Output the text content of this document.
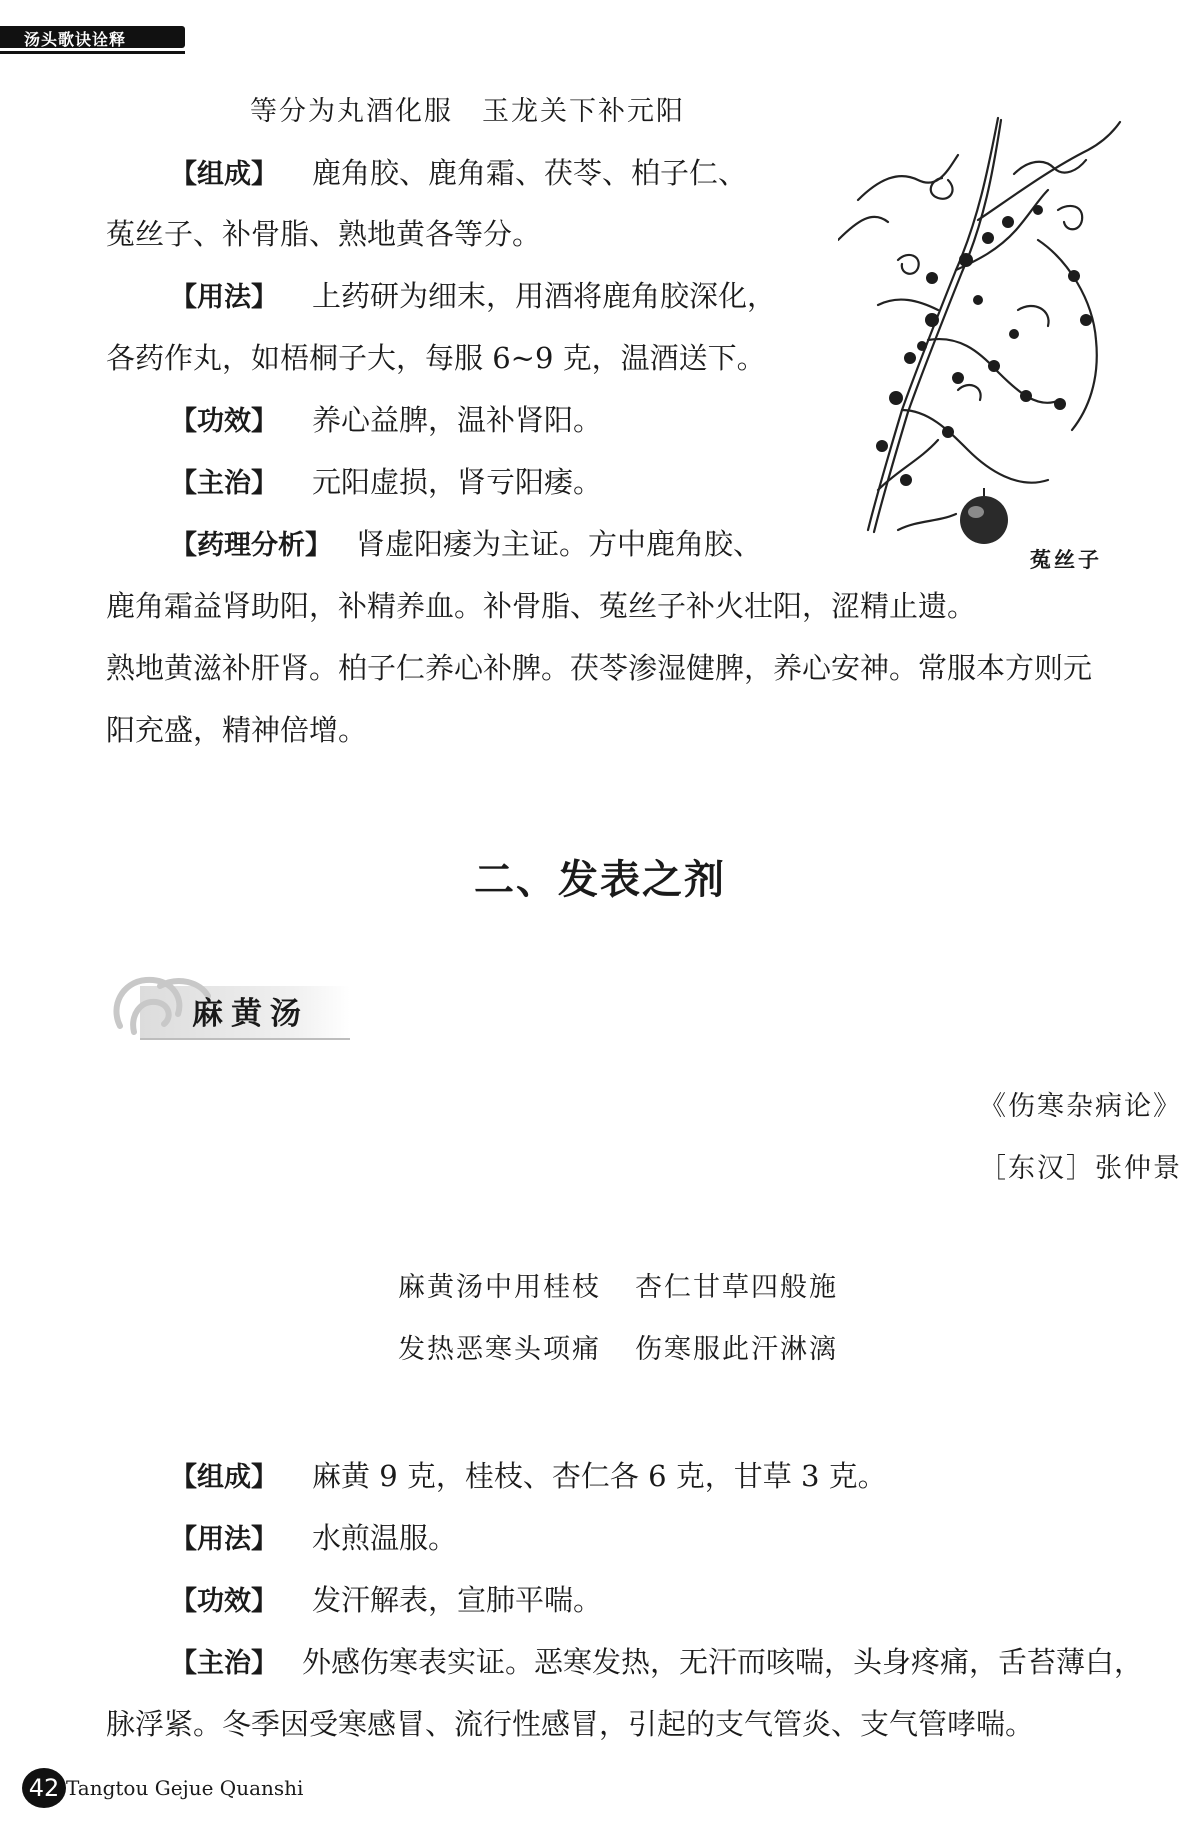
汤头歌诀诠释
等分为丸酒化服　玉龙关下补元阳
【组成】 鹿角胶、鹿角霜、茯苓、柏子仁、
菟丝子、补骨脂、熟地黄各等分。
【用法】 上药研为细末，用酒将鹿角胶深化，
各药作丸，如梧桐子大，每服 6~9 克，温酒送下。
【功效】 养心益脾，温补肾阳。
【主治】 元阳虚损，肾亏阳痿。
【药理分析】 肾虚阳痿为主证。方中鹿角胶、
鹿角霜益肾助阳，补精养血。补骨脂、菟丝子补火壮阳，涩精止遗。
熟地黄滋补肝肾。柏子仁养心补脾。茯苓渗湿健脾，养心安神。常服本方则元
阳充盛，精神倍增。
菟丝子
二、发表之剂
麻黄汤
《伤寒杂病论》
［东汉］张仲景
麻黄汤中用桂枝 杏仁甘草四般施
发热恶寒头项痛 伤寒服此汗淋漓
【组成】 麻黄 9 克，桂枝、杏仁各 6 克，甘草 3 克。
【用法】 水煎温服。
【功效】 发汗解表，宣肺平喘。
【主治】 外感伤寒表实证。恶寒发热，无汗而咳喘，头身疼痛，舌苔薄白，
脉浮紧。冬季因受寒感冒、流行性感冒，引起的支气管炎、支气管哮喘。
42 Tangtou Gejue Quanshi
